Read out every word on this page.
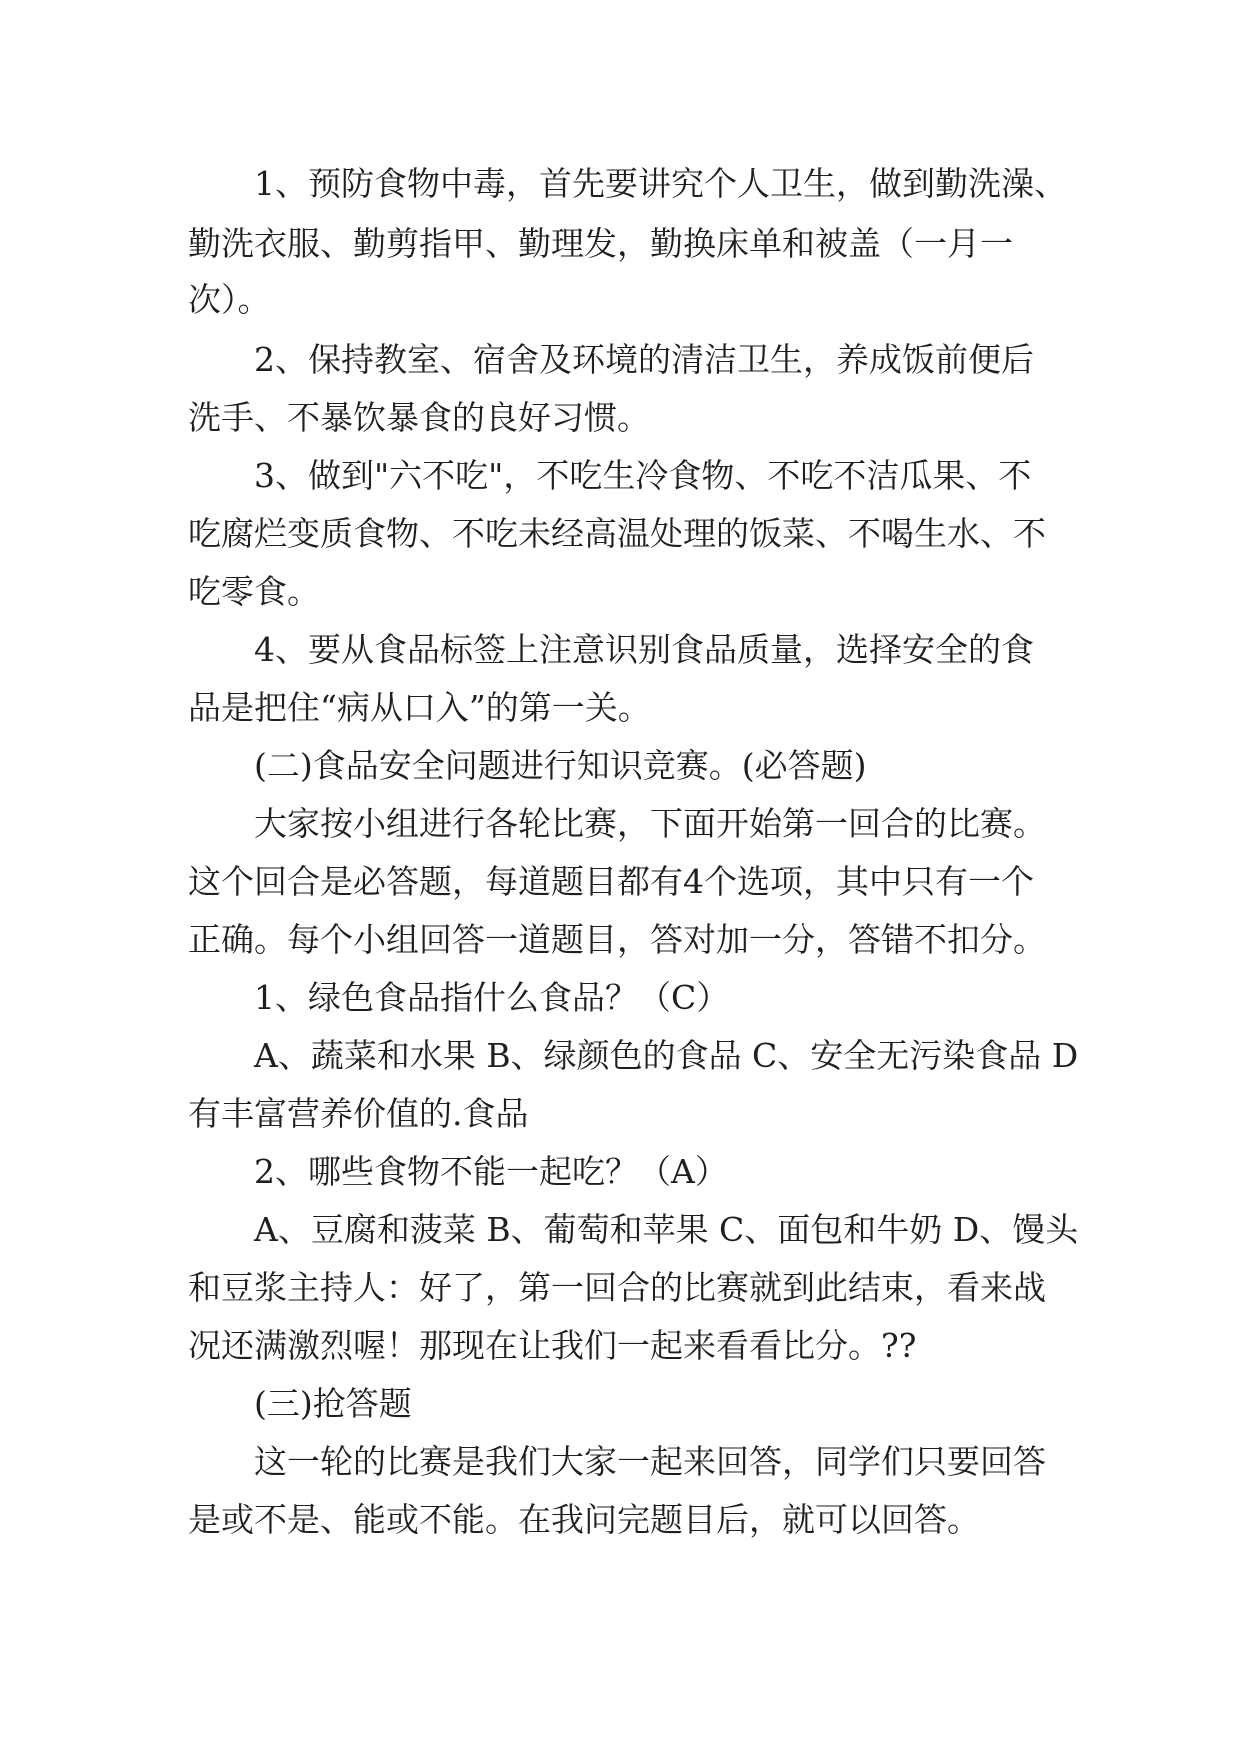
　　1、预防食物中毒，首先要讲究个人卫生，做到勤洗澡、
勤洗衣服、勤剪指甲、勤理发，勤换床单和被盖（一月一
次）。
　　2、保持教室、宿舍及环境的清洁卫生，养成饭前便后
洗手、不暴饮暴食的良好习惯。
　　3、做到"六不吃"，不吃生冷食物、不吃不洁瓜果、不
吃腐烂变质食物、不吃未经高温处理的饭菜、不喝生水、不
吃零食。
　　4、要从食品标签上注意识别食品质量，选择安全的食
品是把住“病从口入”的第一关。
　　(二)食品安全问题进行知识竞赛。(必答题)
　　大家按小组进行各轮比赛，下面开始第一回合的比赛。
这个回合是必答题，每道题目都有4个选项，其中只有一个
正确。每个小组回答一道题目，答对加一分，答错不扣分。
　　1、绿色食品指什么食品？（C）
　　A、蔬菜和水果 B、绿颜色的食品 C、安全无污染食品 D
有丰富营养价值的.食品
　　2、哪些食物不能一起吃？（A）
　　A、豆腐和菠菜 B、葡萄和苹果 C、面包和牛奶 D、馒头
和豆浆主持人：好了，第一回合的比赛就到此结束，看来战
况还满激烈喔！那现在让我们一起来看看比分。??
　　(三)抢答题
　　这一轮的比赛是我们大家一起来回答，同学们只要回答
是或不是、能或不能。在我问完题目后，就可以回答。
